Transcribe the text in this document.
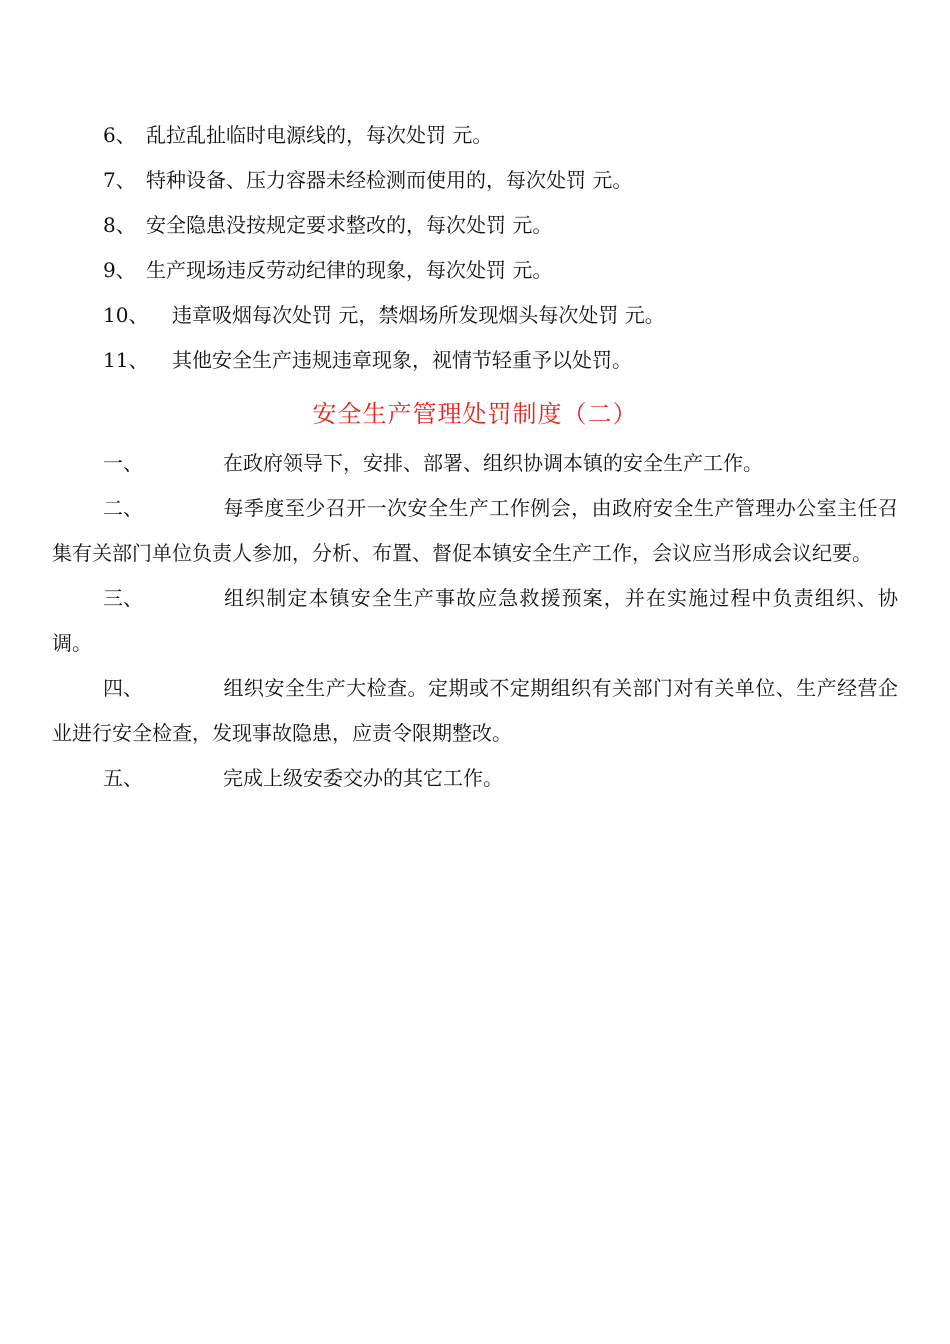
6、 乱拉乱扯临时电源线的，每次处罚 元。
7、 特种设备、压力容器未经检测而使用的，每次处罚 元。
8、 安全隐患没按规定要求整改的，每次处罚 元。
9、 生产现场违反劳动纪律的现象，每次处罚 元。
10、 违章吸烟每次处罚 元，禁烟场所发现烟头每次处罚 元。
11、 其他安全生产违规违章现象，视情节轻重予以处罚。
安全生产管理处罚制度（二）
一、	在政府领导下，安排、部署、组织协调本镇的安全生产工作。
二、	每季度至少召开一次安全生产工作例会，由政府安全生产管理办公室主任召集有关部门单位负责人参加，分析、布置、督促本镇安全生产工作，会议应当形成会议纪要。
三、	组织制定本镇安全生产事故应急救援预案，并在实施过程中负责组织、协调。
四、	组织安全生产大检查。定期或不定期组织有关部门对有关单位、生产经营企业进行安全检查，发现事故隐患，应责令限期整改。
五、	完成上级安委交办的其它工作。
